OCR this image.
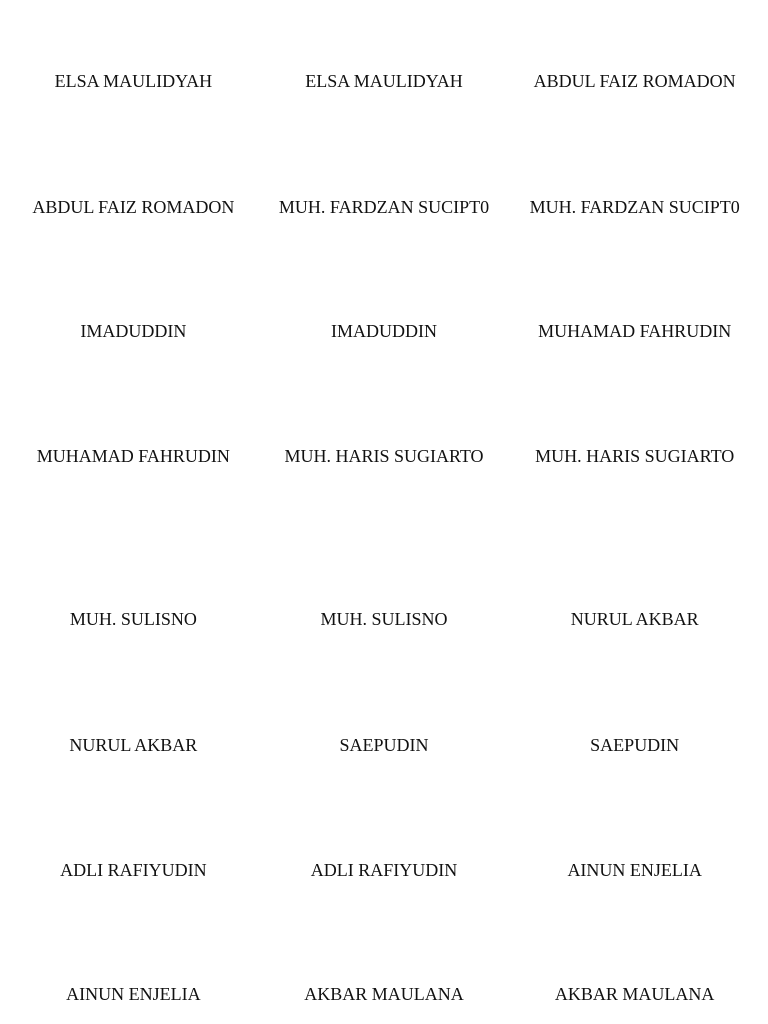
ELSA MAULIDYAH	ELSA MAULIDYAH	ABDUL FAIZ ROMADON
ABDUL FAIZ ROMADON	MUH. FARDZAN SUCIPT0	MUH. FARDZAN SUCIPT0
IMADUDDIN	IMADUDDIN	MUHAMAD FAHRUDIN
MUHAMAD FAHRUDIN	MUH. HARIS SUGIARTO	MUH. HARIS SUGIARTO
MUH. SULISNO	MUH. SULISNO	NURUL AKBAR
NURUL AKBAR	SAEPUDIN	SAEPUDIN
ADLI RAFIYUDIN	ADLI RAFIYUDIN	AINUN ENJELIA
AINUN ENJELIA	AKBAR MAULANA	AKBAR MAULANA
